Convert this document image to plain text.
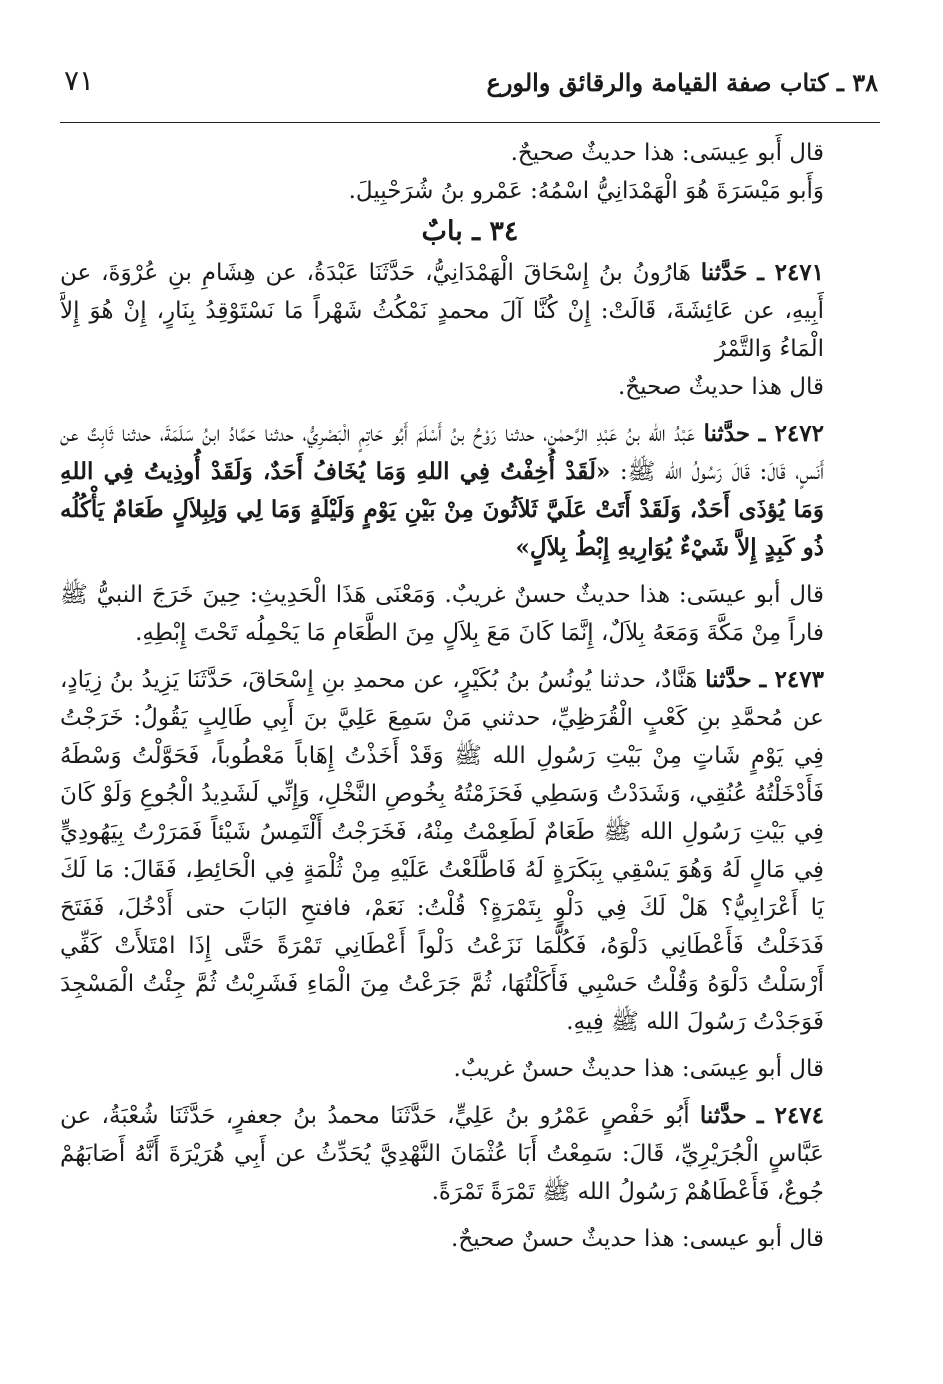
٣٨ ـ كتاب صفة القيامة والرقائق والورع
٧١

قال أَبو عِيسَى: هذا حديثٌ صحيحٌ.

وَأَبو مَيْسَرَةَ هُوَ الْهَمْدَانِيُّ اسْمُهُ: عَمْرو بنُ شُرَحْبِيلَ.

٣٤ ـ بابٌ

٢٤٧١ ـ حَدَّثنا هَارُونُ بنُ إِسْحَاقَ الْهَمْدَانِيُّ، حَدَّثَنَا عَبْدَةُ، عن هِشَامِ بنِ عُرْوَةَ، عن أَبِيهِ، عن عَائِشَةَ، قَالَتْ: إِنْ كُنَّا آلَ محمدٍ نَمْكُثُ شَهْراً مَا نَسْتَوْقِدُ بِنَارٍ، إِنْ هُوَ إِلاَّ الْمَاءُ وَالتَّمْرُ

قال هذا حديثٌ صحيحٌ.

٢٤٧٢ ـ حدَّثنا عَبْدُ الله بنُ عَبْدِ الرَّحمٰنِ، حدثنا رَوْحُ بنُ أَسْلَمَ أَبُو حَاتِمٍ الْبَصْرِيُّ، حدثنا حَمَّادُ ابنُ سَلَمَةَ، حدثنا ثَابِتٌ عن أَنَسٍ، قَالَ: قَالَ رَسُولُ الله ﷺ: «لَقَدْ أُخِفْتُ فِي اللهِ وَمَا يُخَافُ أَحَدٌ، وَلَقَدْ أُوذِيتُ فِي اللهِ وَمَا يُؤذَى أَحَدٌ، وَلَقَدْ أَتَتْ عَلَيَّ ثَلاَثُونَ مِنْ بَيْنِ يَوْمٍ وَلَيْلَةٍ وَمَا لِي وَلِبِلاَلٍ طَعَامٌ يَأْكُلُه ذُو كَبِدٍ إِلاَّ شَيْءٌ يُوَارِيهِ إِبْطُ بِلاَلٍ»

قال أبو عيسَى: هذا حديثٌ حسنٌ غريبٌ. وَمَعْنَى هَذَا الْحَدِيثِ: حِينَ خَرَجَ النبيُّ ﷺ فاراً مِنْ مَكَّةَ وَمَعَهُ بِلاَلٌ، إِنَّمَا كَانَ مَعَ بِلاَلٍ مِنَ الطَّعَامِ مَا يَحْمِلُه تَحْتَ إِبْطِهِ.

٢٤٧٣ ـ حدَّثنا هَنَّادٌ، حدثنا يُونُسُ بنُ بُكَيْرٍ، عن محمدِ بنِ إِسْحَاقَ، حَدَّثَنَا يَزِيدُ بنُ زِيَادٍ، عن مُحمَّدِ بنِ كَعْبٍ الْقُرَظِيِّ، حدثني مَنْ سَمِعَ عَلِيَّ بنَ أَبِي طَالِبٍ يَقُولُ: خَرَجْتُ فِي يَوْمٍ شَاتٍ مِنْ بَيْتِ رَسُولِ الله ﷺ وَقَدْ أَخَذْتُ إِهَاباً مَعْطُوباً، فَحَوَّلْتُ وَسْطَهُ فَأَدْخَلْتُهُ عُنُقِي، وَشَدَدْتُ وَسَطِي فَحَزَمْتُهُ بِخُوصِ النَّخْلِ، وَإِنِّي لَشَدِيدُ الْجُوعِ وَلَوْ كَانَ فِي بَيْتِ رَسُولِ الله ﷺ طَعَامٌ لَطَعِمْتُ مِنْهُ، فَخَرَجْتُ أَلْتَمِسُ شَيْئاً فَمَرَرْتُ بِيَهُودِيٍّ فِي مَالٍ لَهُ وَهُوَ يَسْقِي بِبَكَرَةٍ لَهُ فَاطَّلَعْتُ عَلَيْهِ مِنْ ثُلْمَةٍ فِي الْحَائِطِ، فَقَالَ: مَا لَكَ يَا أَعْرَابِيُّ؟ هَلْ لَكَ فِي دَلْوٍ بِتَمْرَةٍ؟ قُلْتُ: نَعَمْ، فافتحِ البَابَ حتى أَدْخُلَ، فَفَتَحَ فَدَخَلْتُ فَأَعْطَانِي دَلْوَهُ، فَكُلَّمَا نَزَعْتُ دَلْواً أَعْطَانِي تَمْرَةً حَتَّى إِذَا امْتَلأَتْ كَفِّي أَرْسَلْتُ دَلْوَهُ وَقُلْتُ حَسْبِي فَأَكَلْتُهَا، ثُمَّ جَرَعْتُ مِنَ الْمَاءِ فَشَرِبْتُ ثُمَّ جِئْتُ الْمَسْجِدَ فَوَجَدْتُ رَسُولَ الله ﷺ فِيهِ.

قال أبو عِيسَى: هذا حديثٌ حسنٌ غريبٌ.

٢٤٧٤ ـ حدَّثنا أَبُو حَفْصٍ عَمْرُو بنُ عَلِيٍّ، حَدَّثَنَا محمدُ بنُ جعفرٍ، حَدَّثَنَا شُعْبَةُ، عن عَبَّاسٍ الْجُرَيْرِيِّ، قَالَ: سَمِعْتُ أَبَا عُثْمَانَ النَّهْدِيَّ يُحَدِّثُ عن أَبِي هُرَيْرَةَ أَنَّهُ أَصَابَهُمْ جُوعٌ، فَأَعْطَاهُمْ رَسُولُ الله ﷺ تَمْرَةً تَمْرَةً.

قال أبو عيسى: هذا حديثٌ حسنٌ صحيحٌ.
